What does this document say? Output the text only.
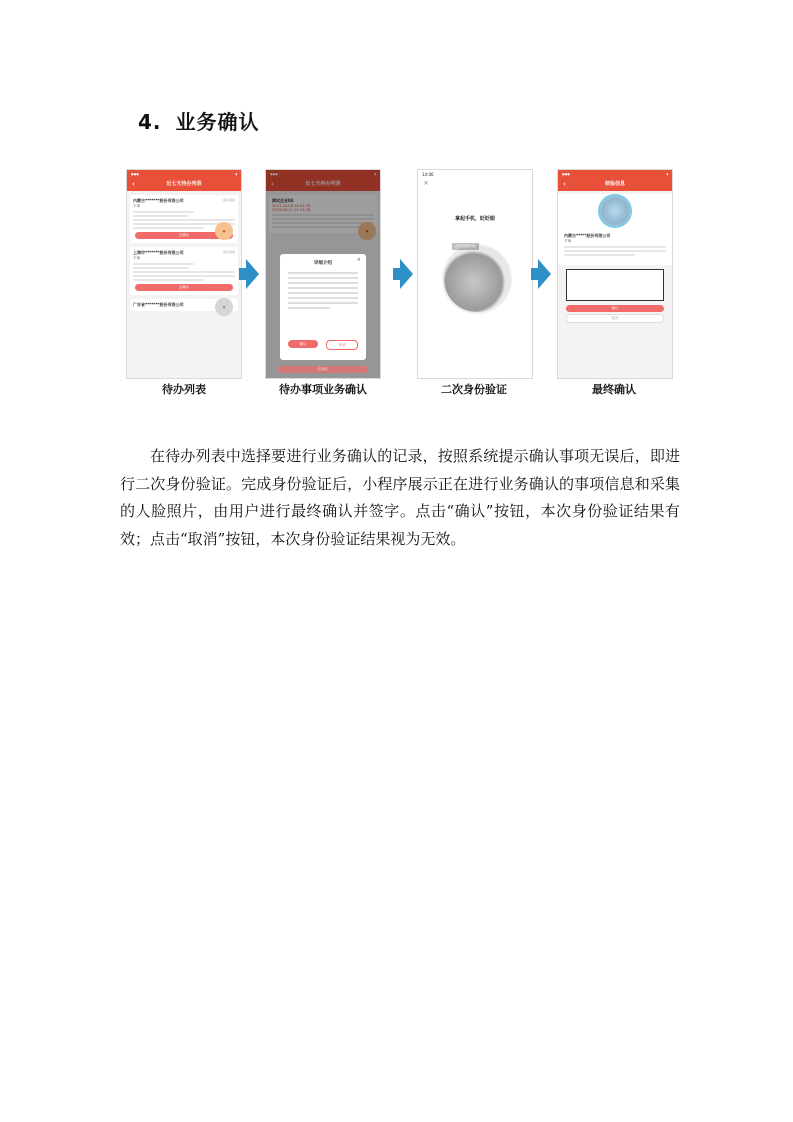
4. 业务确认
●●●	▮
‹	近七天待办列表
前往查看
内蒙古*******股份有限公司
下单
去确认
前往查看
上海市*******股份有限公司
下单
去确认
广东省*******股份有限公司
●
●
●●●	▮
‹	近七天待办列表
测试企业02
2023-06-08 14:13:28
2023-06-11 14:13:28
●
×
详细介绍
确认	取消
去确认
14:06
×
拿起手机，眨眨眼
没有检测到脸
●●●	▮
‹	核验信息
内蒙古*****股份有限公司
下单
确认
取消
待办列表	待办事项业务确认	二次身份验证	最终确认
在待办列表中选择要进行业务确认的记录，按照系统提示确认事项无误后，即进行二次身份验证。完成身份验证后，小程序展示正在进行业务确认的事项信息和采集的人脸照片，由用户进行最终确认并签字。点击“确认”按钮，本次身份验证结果有效；点击“取消”按钮，本次身份验证结果视为无效。
